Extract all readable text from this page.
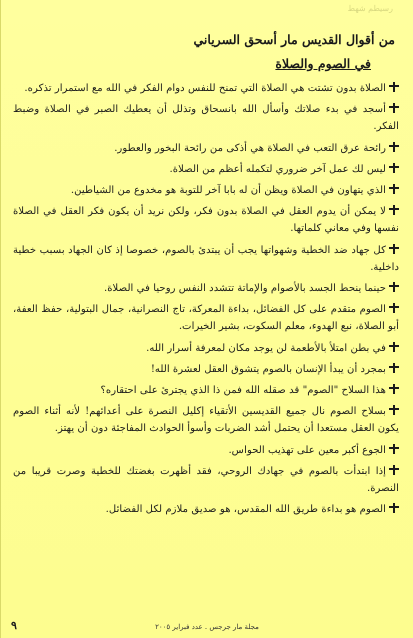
رسيطم شهط
من أقوال القديس مار أسحق السرياني
في الصوم والصلاة

الصلاة بدون تشتت هي الصلاة التي تمنح للنفس دوام الفكر في الله مع استمرار تذكره.

أسجد في بدء صلاتك وأسأل الله بانسحاق وتذلل أن يعطيك الصبر في الصلاة وضبط الفكر.

رائحة عرق التعب في الصلاة هي أذكى من رائحة البخور والعطور.

ليس لك عمل آخر ضروري لتكمله أعظم من الصلاة.

الذي يتهاون في الصلاة ويظن أن له بابا آخر للتوبة هو مخدوع من الشياطين.

لا يمكن أن يدوم العقل في الصلاة بدون فكر، ولكن نريد أن يكون فكر العقل في الصلاة نفسها وفي معاني كلماتها.

كل جهاد ضد الخطية وشهواتها يجب أن يبتدئ بالصوم، خصوصا إذ كان الجهاد بسبب خطية داخلية.

حينما ينحط الجسد بالأصوام والإماتة تتشدد النفس روحيا في الصلاة.

الصوم متقدم على كل الفضائل، بداءة المعركة، تاج النصرانية، جمال البتولية، حفظ العفة، أبو الصلاة، نبع الهدوء، معلم السكوت، بشير الخيرات.

في بطن امتلأ بالأطعمة لن يوجد مكان لمعرفة أسرار الله.

بمجرد أن يبدأ الإنسان بالصوم يتشوق العقل لعشرة الله!

هذا السلاح "الصوم" قد صقله الله فمن ذا الذي يجترئ على احتقاره؟

بسلاح الصوم نال جميع القديسين الأتقياء إكليل النصرة على أعدائهم! لأنه أثناء الصوم يكون العقل مستعدا أن يحتمل أشد الضربات وأسوأ الحوادث المفاجئة دون أن يهتز.

الجوع أكبر معين على تهذيب الحواس.

إذا ابتدأت بالصوم في جهادك الروحي، فقد أظهرت بغضتك للخطية وصرت قريبا من النصرة.

الصوم هو بداءة طريق الله المقدس، هو صديق ملازم لكل الفضائل.

مجلة مار جرجس . عدد فبراير ٢٠٠٥
٩
